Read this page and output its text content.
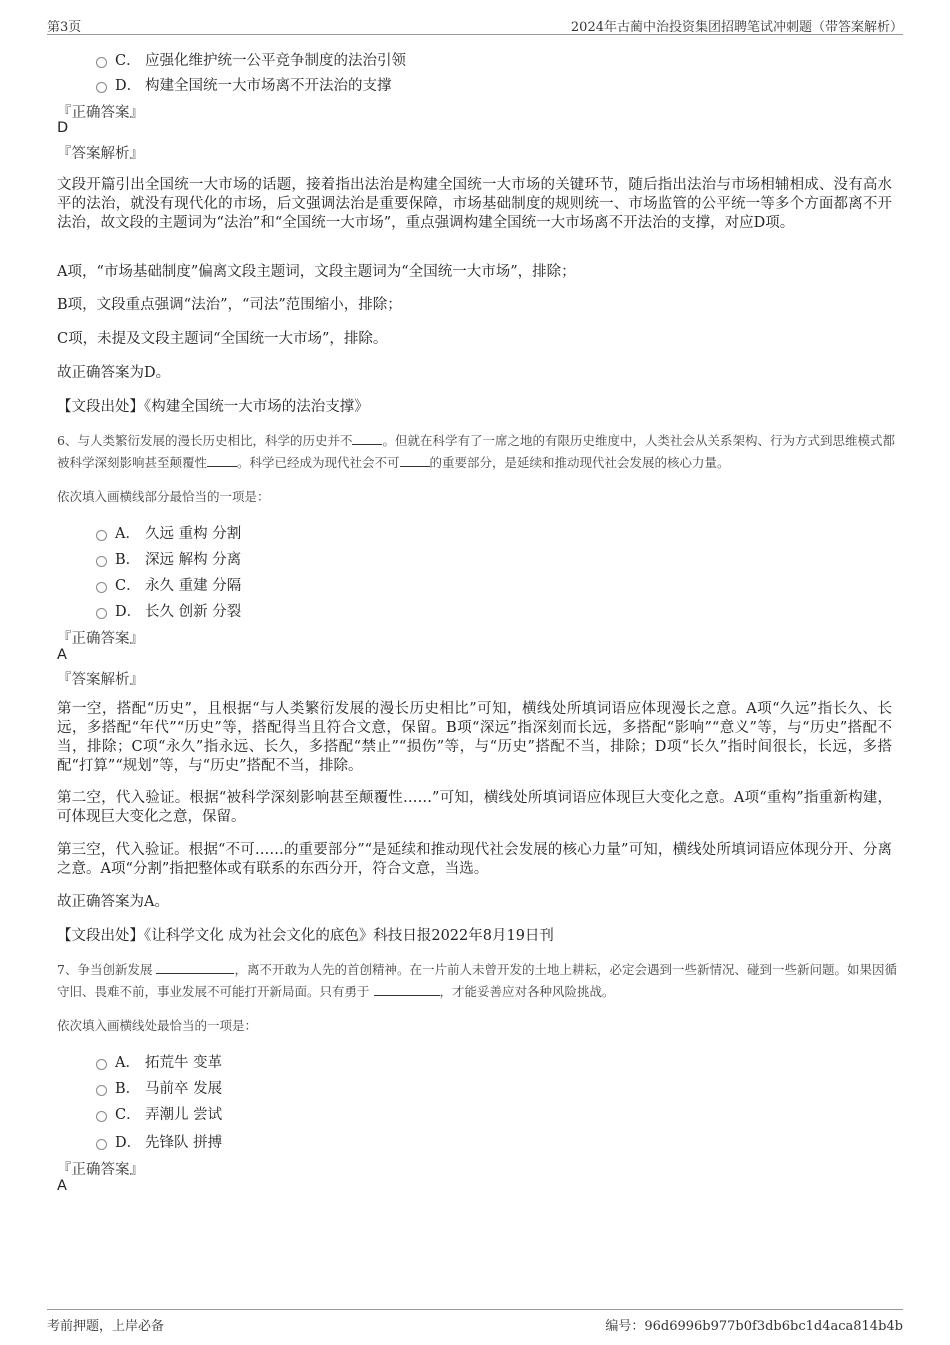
第3页	2024年古蔺中治投资集团招聘笔试冲刺题（带答案解析）
C． 应强化维护统一公平竞争制度的法治引领
D． 构建全国统一大市场离不开法治的支撑
『正确答案』
D
『答案解析』
文段开篇引出全国统一大市场的话题，接着指出法治是构建全国统一大市场的关键环节，随后指出法治与市场相辅相成、没有高水平的法治，就没有现代化的市场，后文强调法治是重要保障，市场基础制度的规则统一、市场监管的公平统一等多个方面都离不开法治，故文段的主题词为“法治”和“全国统一大市场”，重点强调构建全国统一大市场离不开法治的支撑，对应D项。
A项，“市场基础制度”偏离文段主题词，文段主题词为“全国统一大市场”，排除；
B项，文段重点强调“法治”，“司法”范围缩小，排除；
C项，未提及文段主题词“全国统一大市场”，排除。
故正确答案为D。
【文段出处】《构建全国统一大市场的法治支撑》
6、与人类繁衍发展的漫长历史相比，科学的历史并不 。但就在科学有了一席之地的有限历史维度中，人类社会从关系架构、行为方式到思维模式都被科学深刻影响甚至颠覆性 。科学已经成为现代社会不可 的重要部分，是延续和推动现代社会发展的核心力量。
依次填入画横线部分最恰当的一项是：
A． 久远 重构 分割
B． 深远 解构 分离
C． 永久 重建 分隔
D． 长久 创新 分裂
『正确答案』
A
『答案解析』
第一空，搭配“历史”，且根据“与人类繁衍发展的漫长历史相比”可知，横线处所填词语应体现漫长之意。A项“久远”指长久、长远，多搭配“年代”“历史”等，搭配得当且符合文意，保留。B项“深远”指深刻而长远，多搭配“影响”“意义”等，与“历史”搭配不当，排除；C项“永久”指永远、长久，多搭配“禁止”“损伤”等，与“历史”搭配不当，排除；D项“长久”指时间很长，长远，多搭配“打算”“规划”等，与“历史”搭配不当，排除。
第二空，代入验证。根据“被科学深刻影响甚至颠覆性……”可知，横线处所填词语应体现巨大变化之意。A项“重构”指重新构建，可体现巨大变化之意，保留。
第三空，代入验证。根据“不可……的重要部分”“是延续和推动现代社会发展的核心力量”可知，横线处所填词语应体现分开、分离之意。A项“分割”指把整体或有联系的东西分开，符合文意，当选。
故正确答案为A。
【文段出处】《让科学文化 成为社会文化的底色》科技日报2022年8月19日刊
7、争当创新发展	，离不开敢为人先的首创精神。在一片前人未曾开发的土地上耕耘，必定会遇到一些新情况、碰到一些新问题。如果因循守旧、畏难不前，事业发展不可能打开新局面。只有勇于	，才能妥善应对各种风险挑战。
依次填入画横线处最恰当的一项是：
A． 拓荒牛 变革
B． 马前卒 发展
C． 弄潮儿 尝试
D． 先锋队 拼搏
『正确答案』
A
考前押题，上岸必备	编号：96d6996b977b0f3db6bc1d4aca814b4b
